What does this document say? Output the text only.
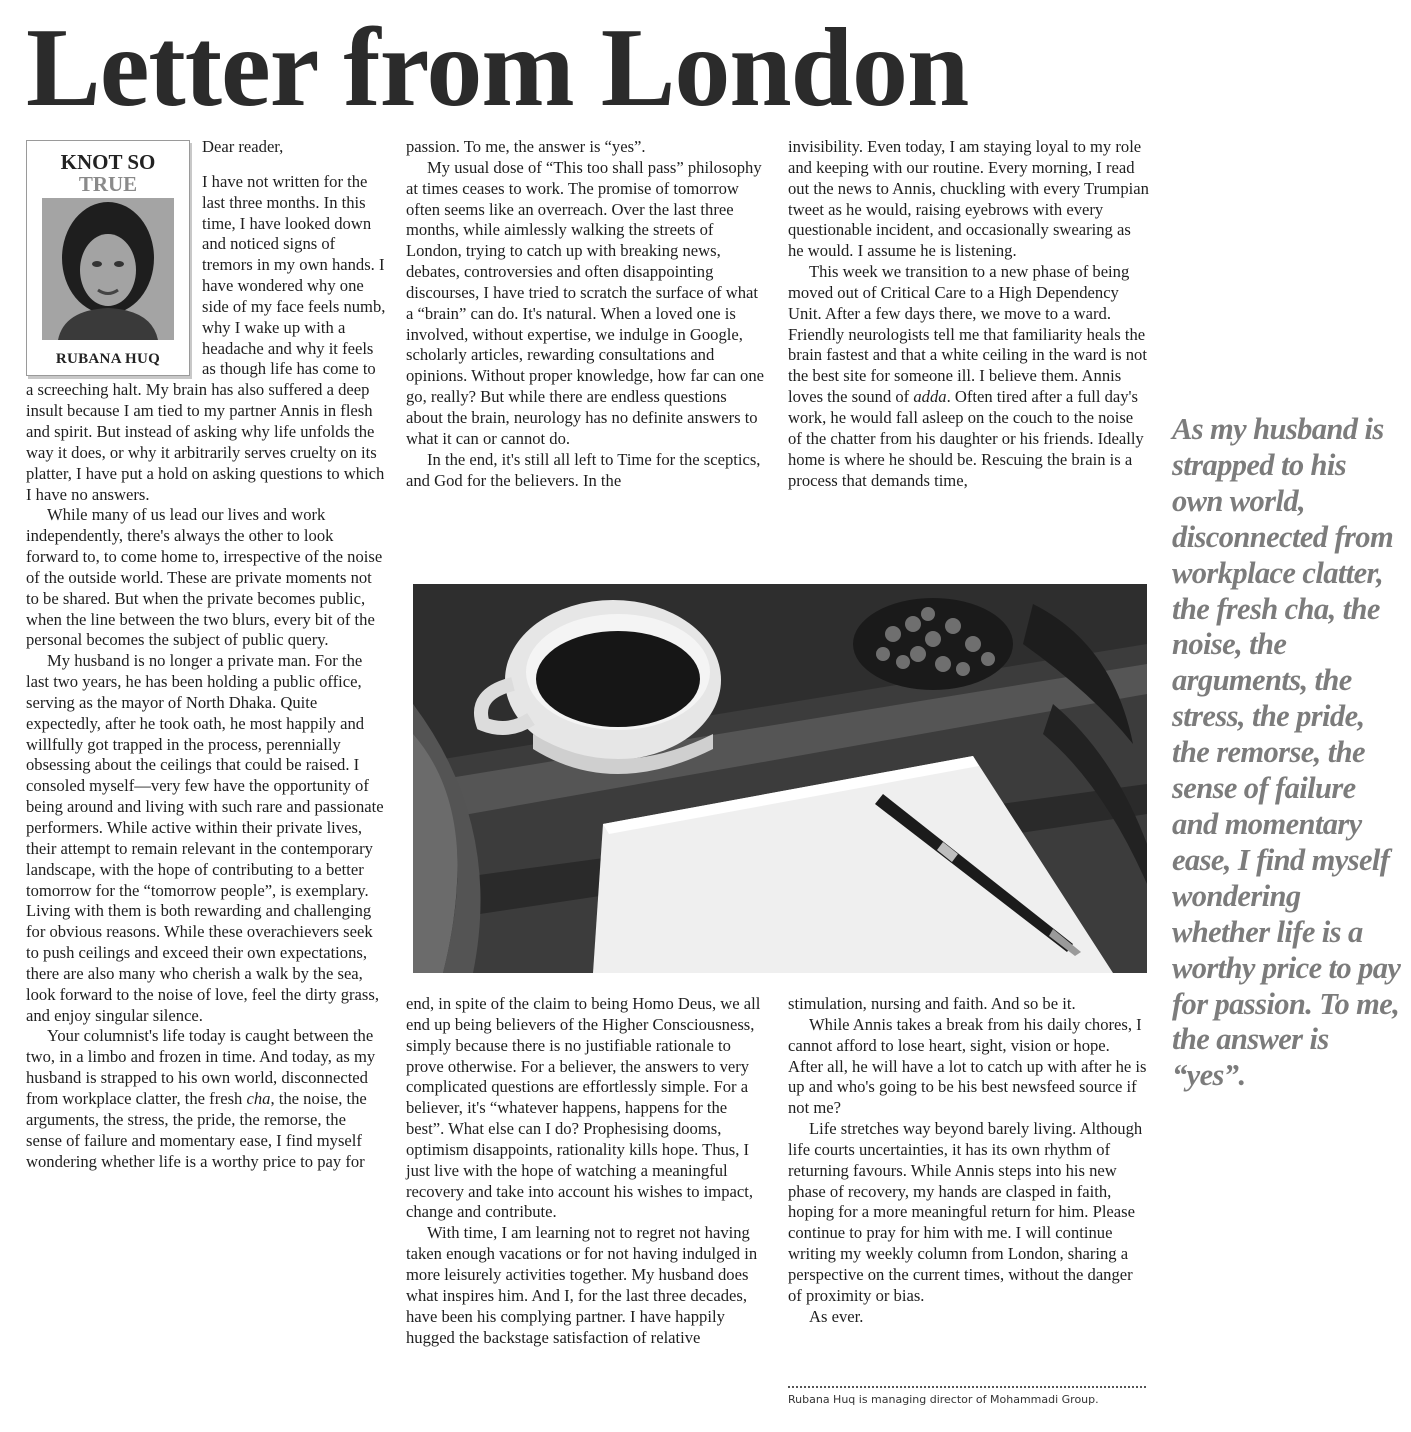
Letter from London
KNOT SO
TRUE
RUBANA HUQ

Dear reader,

I have not written for the last three months. In this time, I have looked down and noticed signs of tremors in my own hands. I have wondered why one side of my face feels numb, why I wake up with a headache and why it feels as though life has come to a screeching halt. My brain has also suffered a deep insult because I am tied to my partner Annis in flesh and spirit. But instead of asking why life unfolds the way it does, or why it arbitrarily serves cruelty on its platter, I have put a hold on asking questions to which I have no answers.

While many of us lead our lives and work independently, there's always the other to look forward to, to come home to, irrespective of the noise of the outside world. These are private moments not to be shared. But when the private becomes public, when the line between the two blurs, every bit of the personal becomes the subject of public query.

My husband is no longer a private man. For the last two years, he has been holding a public office, serving as the mayor of North Dhaka. Quite expectedly, after he took oath, he most happily and willfully got trapped in the process, perennially obsessing about the ceilings that could be raised. I consoled myself—very few have the opportunity of being around and living with such rare and passionate performers. While active within their private lives, their attempt to remain relevant in the contemporary landscape, with the hope of contributing to a better tomorrow for the “tomorrow people”, is exemplary. Living with them is both rewarding and challenging for obvious reasons. While these overachievers seek to push ceilings and exceed their own expectations, there are also many who cherish a walk by the sea, look forward to the noise of love, feel the dirty grass, and enjoy singular silence.

Your columnist's life today is caught between the two, in a limbo and frozen in time. And today, as my husband is strapped to his own world, disconnected from workplace clatter, the fresh cha, the noise, the arguments, the stress, the pride, the remorse, the sense of failure and momentary ease, I find myself wondering whether life is a worthy price to pay for

passion. To me, the answer is “yes”.

My usual dose of “This too shall pass” philosophy at times ceases to work. The promise of tomorrow often seems like an overreach. Over the last three months, while aimlessly walking the streets of London, trying to catch up with breaking news, debates, controversies and often disappointing discourses, I have tried to scratch the surface of what a “brain” can do. It's natural. When a loved one is involved, without expertise, we indulge in Google, scholarly articles, rewarding consultations and opinions. Without proper knowledge, how far can one go, really? But while there are endless questions about the brain, neurology has no definite answers to what it can or cannot do.

In the end, it's still all left to Time for the sceptics, and God for the believers. In the

invisibility. Even today, I am staying loyal to my role and keeping with our routine. Every morning, I read out the news to Annis, chuckling with every Trumpian tweet as he would, raising eyebrows with every questionable incident, and occasionally swearing as he would. I assume he is listening.

This week we transition to a new phase of being moved out of Critical Care to a High Dependency Unit. After a few days there, we move to a ward. Friendly neurologists tell me that familiarity heals the brain fastest and that a white ceiling in the ward is not the best site for someone ill. I believe them. Annis loves the sound of adda. Often tired after a full day's work, he would fall asleep on the couch to the noise of the chatter from his daughter or his friends. Ideally home is where he should be. Rescuing the brain is a process that demands time,

end, in spite of the claim to being Homo Deus, we all end up being believers of the Higher Consciousness, simply because there is no justifiable rationale to prove otherwise. For a believer, the answers to very complicated questions are effortlessly simple. For a believer, it's “whatever happens, happens for the best”. What else can I do? Prophesising dooms, optimism disappoints, rationality kills hope. Thus, I just live with the hope of watching a meaningful recovery and take into account his wishes to impact, change and contribute.

With time, I am learning not to regret not having taken enough vacations or for not having indulged in more leisurely activities together. My husband does what inspires him. And I, for the last three decades, have been his complying partner. I have happily hugged the backstage satisfaction of relative

stimulation, nursing and faith. And so be it.

While Annis takes a break from his daily chores, I cannot afford to lose heart, sight, vision or hope. After all, he will have a lot to catch up with after he is up and who's going to be his best newsfeed source if not me?

Life stretches way beyond barely living. Although life courts uncertainties, it has its own rhythm of returning favours. While Annis steps into his new phase of recovery, my hands are clasped in faith, hoping for a more meaningful return for him. Please continue to pray for him with me. I will continue writing my weekly column from London, sharing a perspective on the current times, without the danger of proximity or bias.

As ever.

Rubana Huq is managing director of Mohammadi Group.
As my husband is strapped to his own world, disconnected from workplace clatter, the fresh cha, the noise, the arguments, the stress, the pride, the remorse, the sense of failure and momentary ease, I find myself wondering whether life is a worthy price to pay for passion. To me, the answer is “yes”.
